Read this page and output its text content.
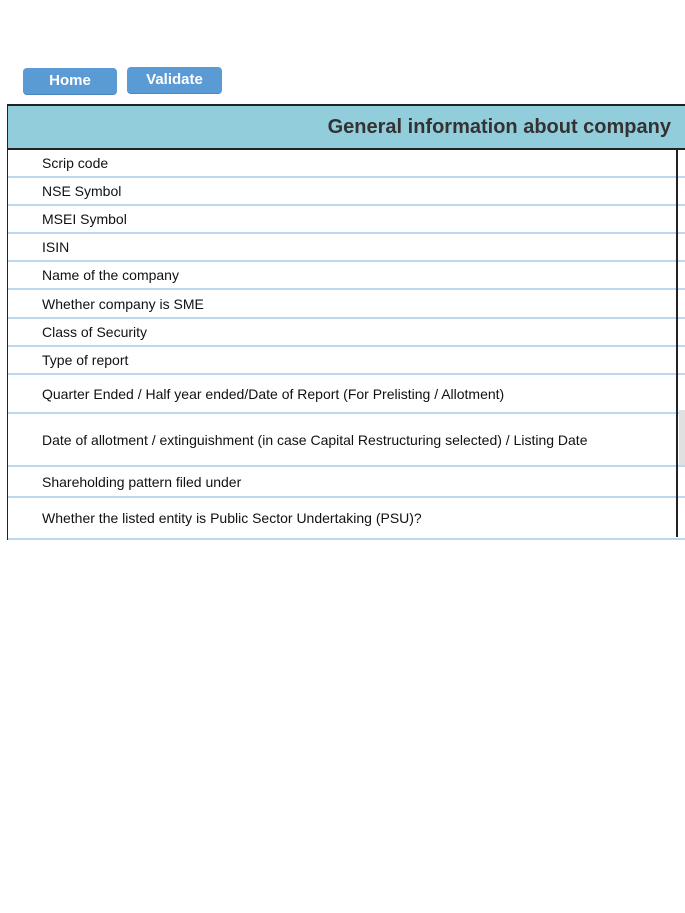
Home	Validate
General information about company
Scrip code
NSE Symbol
MSEI Symbol
ISIN
Name of the company
Whether company is SME
Class of Security
Type of report
Quarter Ended / Half year ended/Date of Report (For Prelisting / Allotment)
Date of allotment / extinguishment (in case Capital Restructuring selected) / Listing Date
Shareholding pattern filed under
Whether the listed entity is Public Sector Undertaking (PSU)?
